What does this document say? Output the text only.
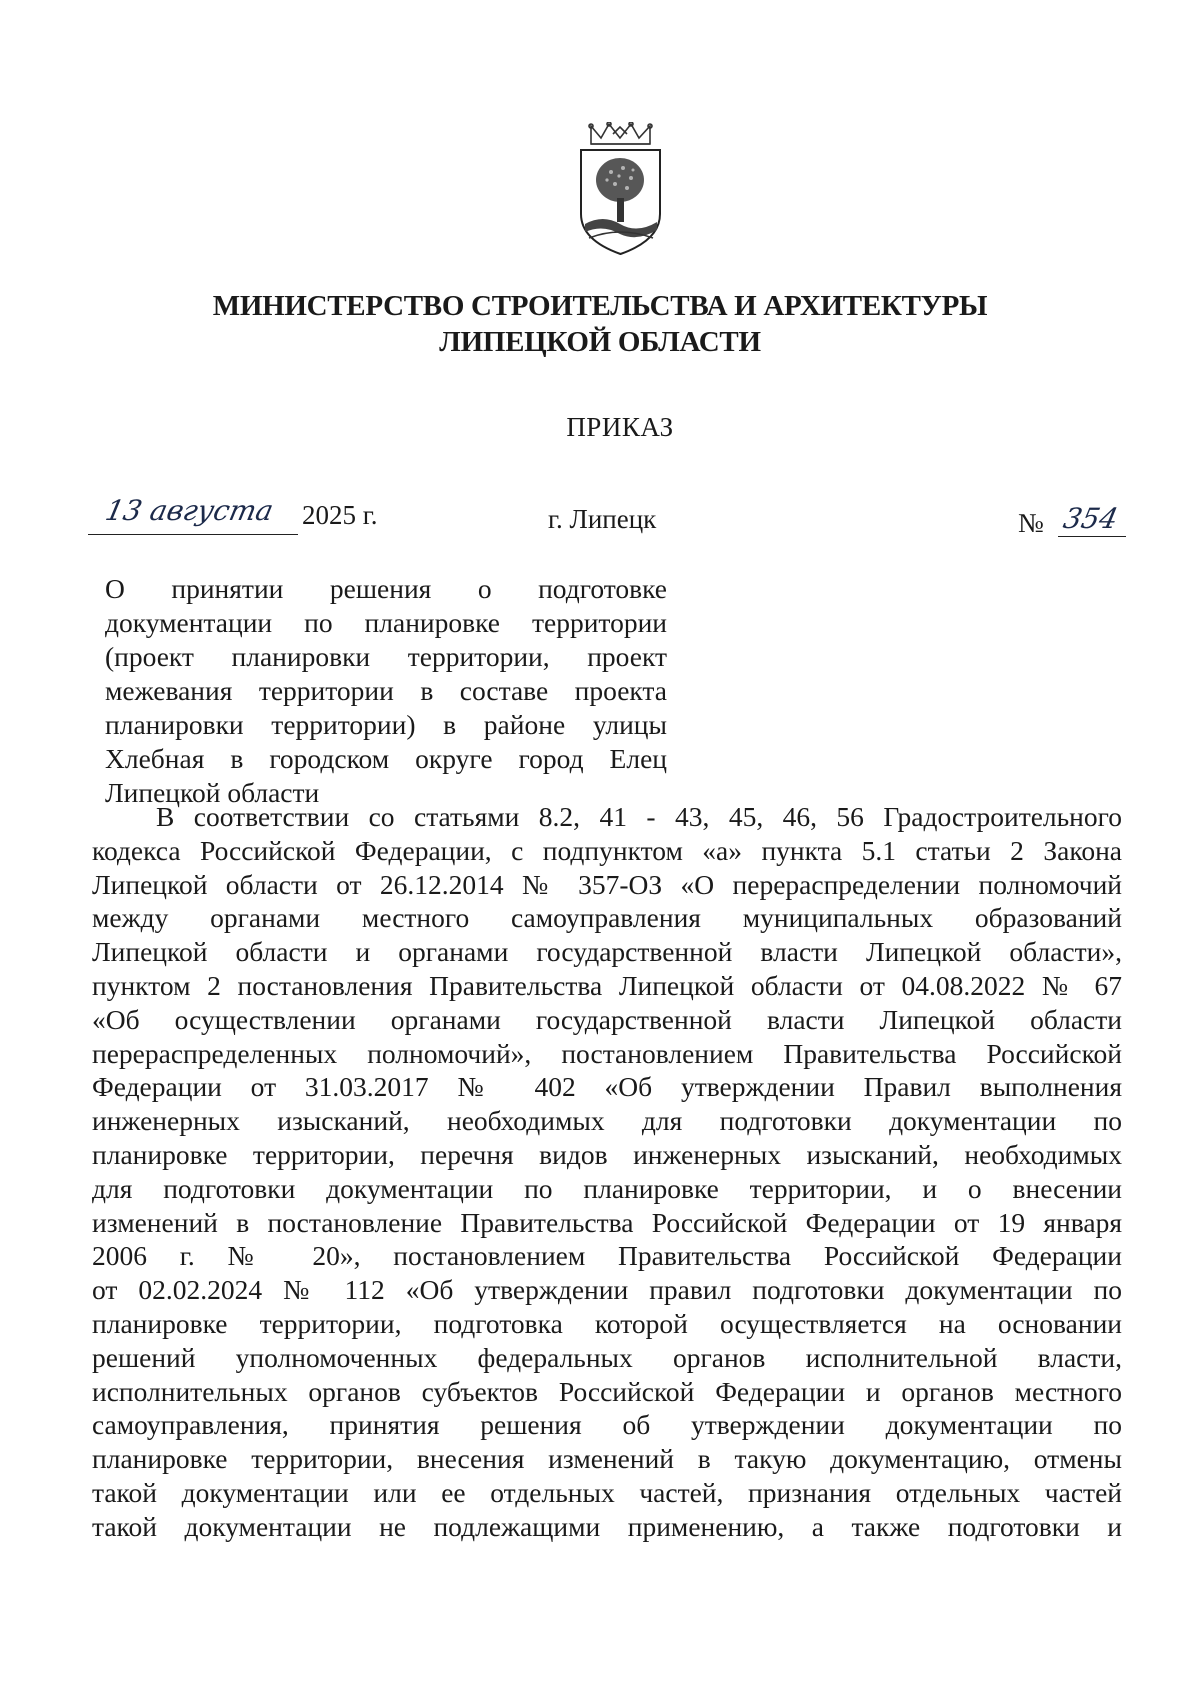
МИНИСТЕРСТВО СТРОИТЕЛЬСТВА И АРХИТЕКТУРЫ
ЛИПЕЦКОЙ ОБЛАСТИ
ПРИКАЗ
13 августа 2025 г.	г. Липецк	№ 354
О принятии решения о подготовке
документации по планировке территории
(проект планировки территории, проект
межевания территории в составе проекта
планировки территории) в районе улицы
Хлебная в городском округе город Елец
Липецкой области
В соответствии со статьями 8.2, 41 - 43, 45, 46, 56 Градостроительного
кодекса Российской Федерации, с подпунктом «а» пункта 5.1 статьи 2 Закона
Липецкой области от 26.12.2014 № 357-ОЗ «О перераспределении полномочий
между органами местного самоуправления муниципальных образований
Липецкой области и органами государственной власти Липецкой области»,
пунктом 2 постановления Правительства Липецкой области от 04.08.2022 № 67
«Об осуществлении органами государственной власти Липецкой области
перераспределенных полномочий», постановлением Правительства Российской
Федерации от 31.03.2017 № 402 «Об утверждении Правил выполнения
инженерных изысканий, необходимых для подготовки документации по
планировке территории, перечня видов инженерных изысканий, необходимых
для подготовки документации по планировке территории, и о внесении
изменений в постановление Правительства Российской Федерации от 19 января
2006 г. № 20», постановлением Правительства Российской Федерации
от 02.02.2024 № 112 «Об утверждении правил подготовки документации по
планировке территории, подготовка которой осуществляется на основании
решений уполномоченных федеральных органов исполнительной власти,
исполнительных органов субъектов Российской Федерации и органов местного
самоуправления, принятия решения об утверждении документации по
планировке территории, внесения изменений в такую документацию, отмены
такой документации или ее отдельных частей, признания отдельных частей
такой документации не подлежащими применению, а также подготовки и
